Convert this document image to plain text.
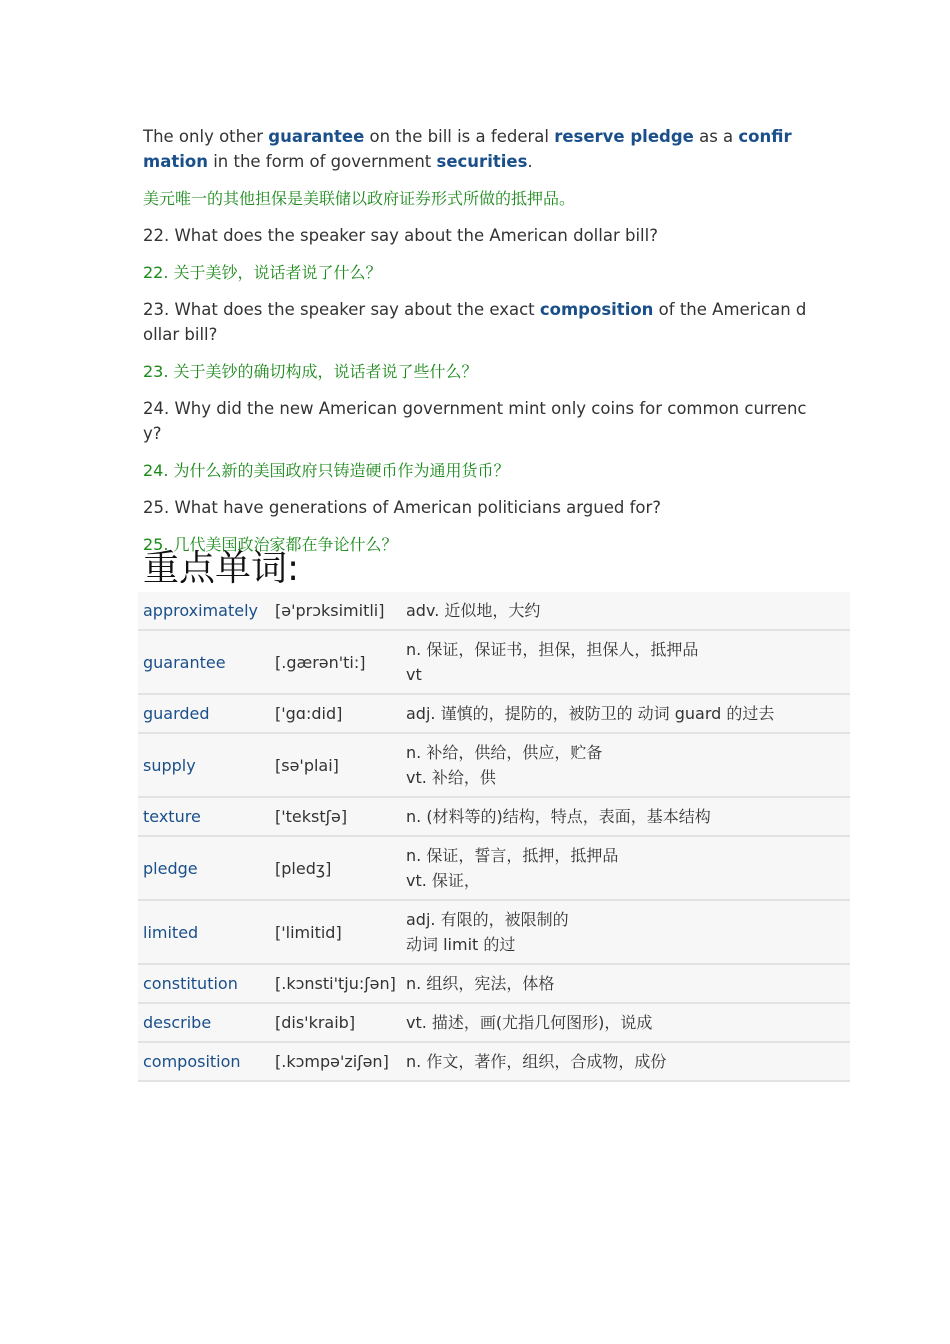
The only other guarantee on the bill is a federal reserve pledge as a confirmation in the form of government securities.

美元唯一的其他担保是美联储以政府证券形式所做的抵押品。

22. What does the speaker say about the American dollar bill?

22. 关于美钞，说话者说了什么？

23. What does the speaker say about the exact composition of the American dollar bill?

23. 关于美钞的确切构成，说话者说了些什么？

24. Why did the new American government mint only coins for common currency?

24. 为什么新的美国政府只铸造硬币作为通用货币？

25. What have generations of American politicians argued for?

25. 几代美国政治家都在争论什么？

重点单词:
approximately	[ə'prɔksimitli]	adv. 近似地，大约

guarantee	[.gærən'ti:]	n. 保证，保证书，担保，担保人，抵押品
vt

guarded	['gɑ:did]	adj. 谨慎的，提防的，被防卫的 动词 guard 的过去

supply	[sə'plai]	n. 补给，供给，供应，贮备
vt. 补给，供

texture	['tekstʃə]	n. (材料等的)结构，特点，表面，基本结构

pledge	[pledʒ]	n. 保证，誓言，抵押，抵押品
vt. 保证，

limited	['limitid]	adj. 有限的，被限制的
动词 limit 的过

constitution	[.kɔnsti'tju:ʃən]	n. 组织，宪法，体格

describe	[dis'kraib]	vt. 描述，画(尤指几何图形)，说成

composition	[.kɔmpə'ziʃən]	n. 作文，著作，组织，合成物，成份
